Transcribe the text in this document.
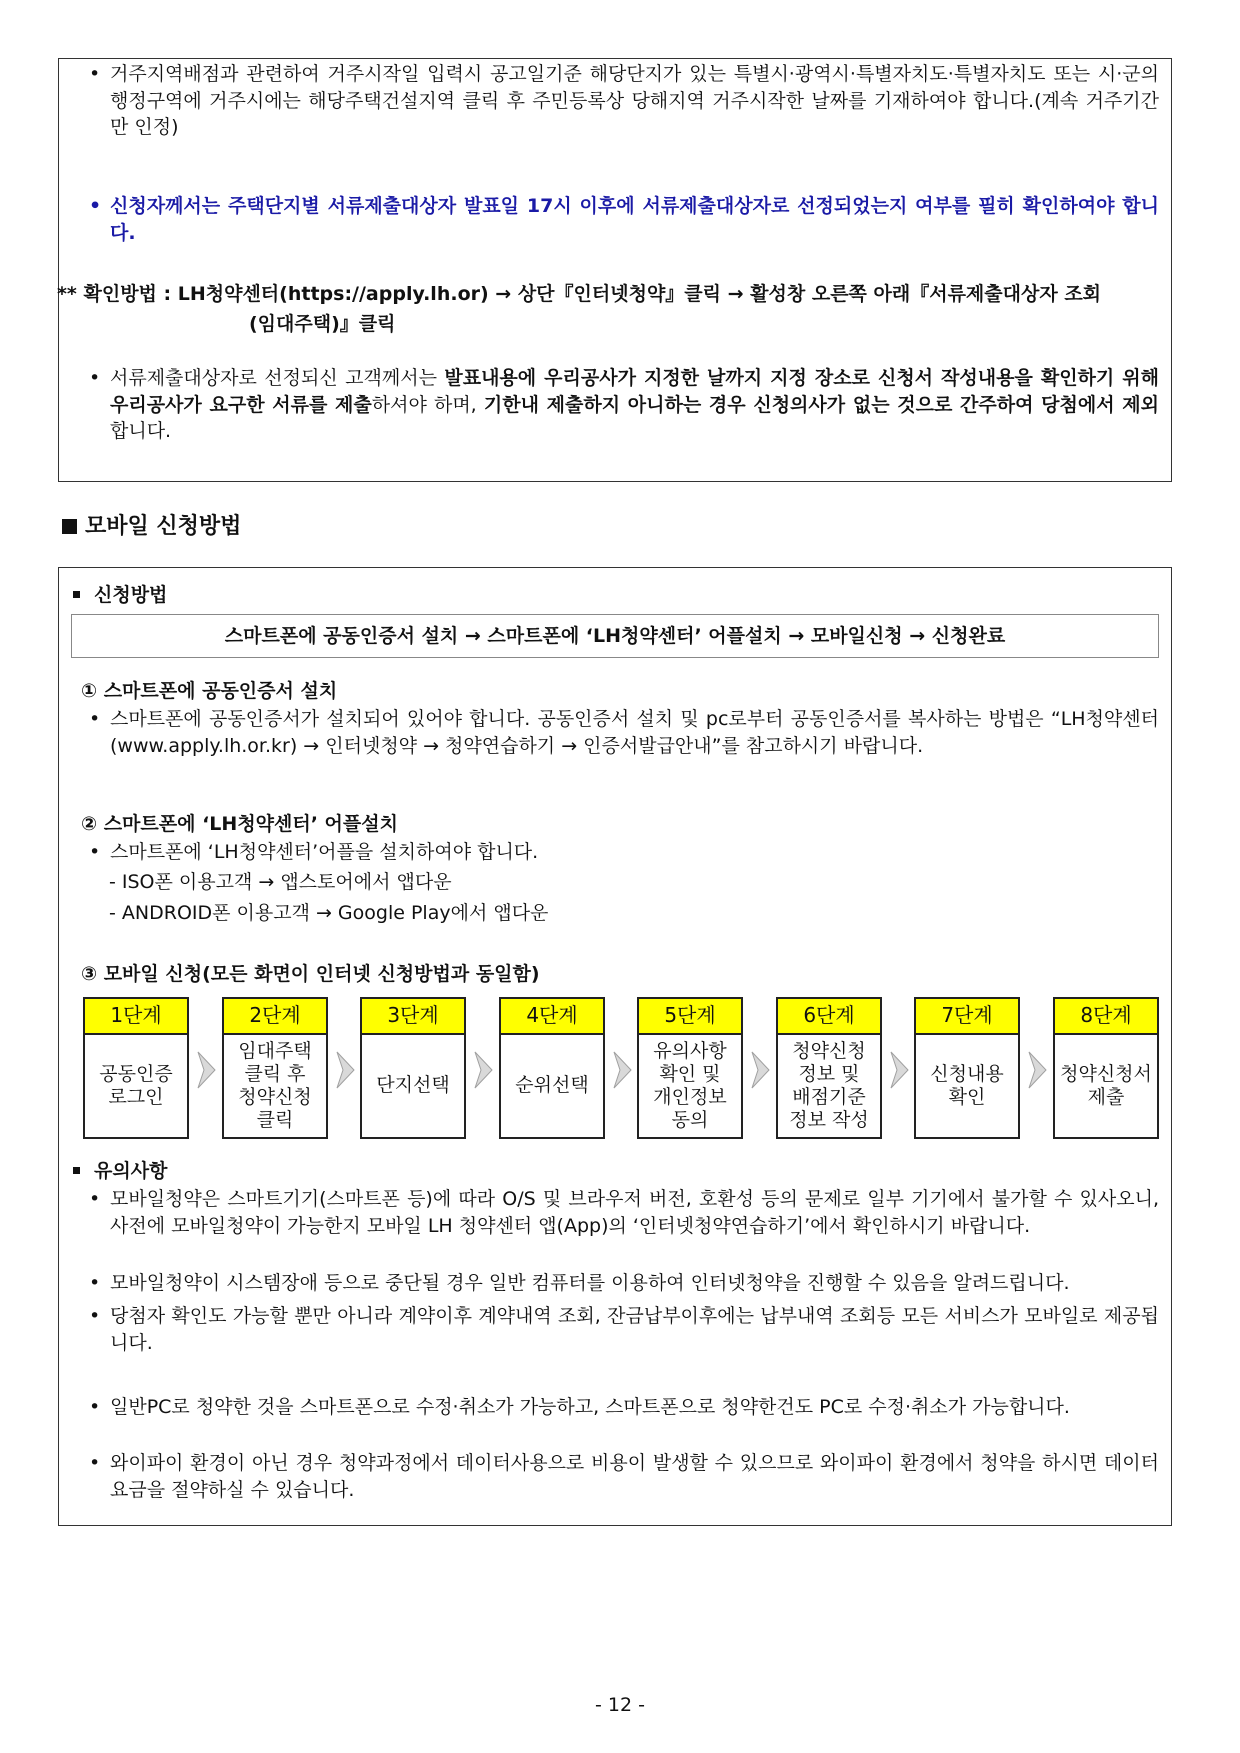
• 거주지역배점과 관련하여 거주시작일 입력시 공고일기준 해당단지가 있는 특별시·광역시·특별자치도·특별자치도 또는 시·군의 행정구역에 거주시에는 해당주택건설지역 클릭 후 주민등록상 당해지역 거주시작한 날짜를 기재하여야 합니다.(계속 거주기간만 인정)
• 신청자께서는 주택단지별 서류제출대상자 발표일 17시 이후에 서류제출대상자로 선정되었는지 여부를 필히 확인하여야 합니다.
** 확인방법 : LH청약센터(https://apply.lh.or) → 상단『인터넷청약』클릭 → 활성창 오른쪽 아래『서류제출대상자 조회
(임대주택)』클릭
• 서류제출대상자로 선정되신 고객께서는 발표내용에 우리공사가 지정한 날까지 지정 장소로 신청서 작성내용을 확인하기 위해 우리공사가 요구한 서류를 제출하셔야 하며, 기한내 제출하지 아니하는 경우 신청의사가 없는 것으로 간주하여 당첨에서 제외합니다.
모바일 신청방법
신청방법
스마트폰에 공동인증서 설치 → 스마트폰에 ‘LH청약센터’ 어플설치 → 모바일신청 → 신청완료
① 스마트폰에 공동인증서 설치
• 스마트폰에 공동인증서가 설치되어 있어야 합니다. 공동인증서 설치 및 pc로부터 공동인증서를 복사하는 방법은 “LH청약센터(www.apply.lh.or.kr) → 인터넷청약 → 청약연습하기 → 인증서발급안내”를 참고하시기 바랍니다.
② 스마트폰에 ‘LH청약센터’ 어플설치
• 스마트폰에 ‘LH청약센터’어플을 설치하여야 합니다.
- ISO폰 이용고객 → 앱스토어에서 앱다운
- ANDROID폰 이용고객 → Google Play에서 앱다운
③ 모바일 신청(모든 화면이 인터넷 신청방법과 동일함)
유의사항
• 모바일청약은 스마트기기(스마트폰 등)에 따라 O/S 및 브라우저 버전, 호환성 등의 문제로 일부 기기에서 불가할 수 있사오니, 사전에 모바일청약이 가능한지 모바일 LH 청약센터 앱(App)의 ‘인터넷청약연습하기’에서 확인하시기 바랍니다.
• 모바일청약이 시스템장애 등으로 중단될 경우 일반 컴퓨터를 이용하여 인터넷청약을 진행할 수 있음을 알려드립니다.
• 당첨자 확인도 가능할 뿐만 아니라 계약이후 계약내역 조회, 잔금납부이후에는 납부내역 조회등 모든 서비스가 모바일로 제공됩니다.
• 일반PC로 청약한 것을 스마트폰으로 수정·취소가 가능하고, 스마트폰으로 청약한건도 PC로 수정·취소가 가능합니다.
• 와이파이 환경이 아닌 경우 청약과정에서 데이터사용으로 비용이 발생할 수 있으므로 와이파이 환경에서 청약을 하시면 데이터 요금을 절약하실 수 있습니다.
1단계
공동인증
로그인
2단계
임대주택
클릭 후
청약신청
클릭
3단계
단지선택
4단계
순위선택
5단계
유의사항
확인 및
개인정보
동의
6단계
청약신청
정보 및
배점기준
정보 작성
7단계
신청내용
확인
8단계
청약신청서
제출
- 12 -
